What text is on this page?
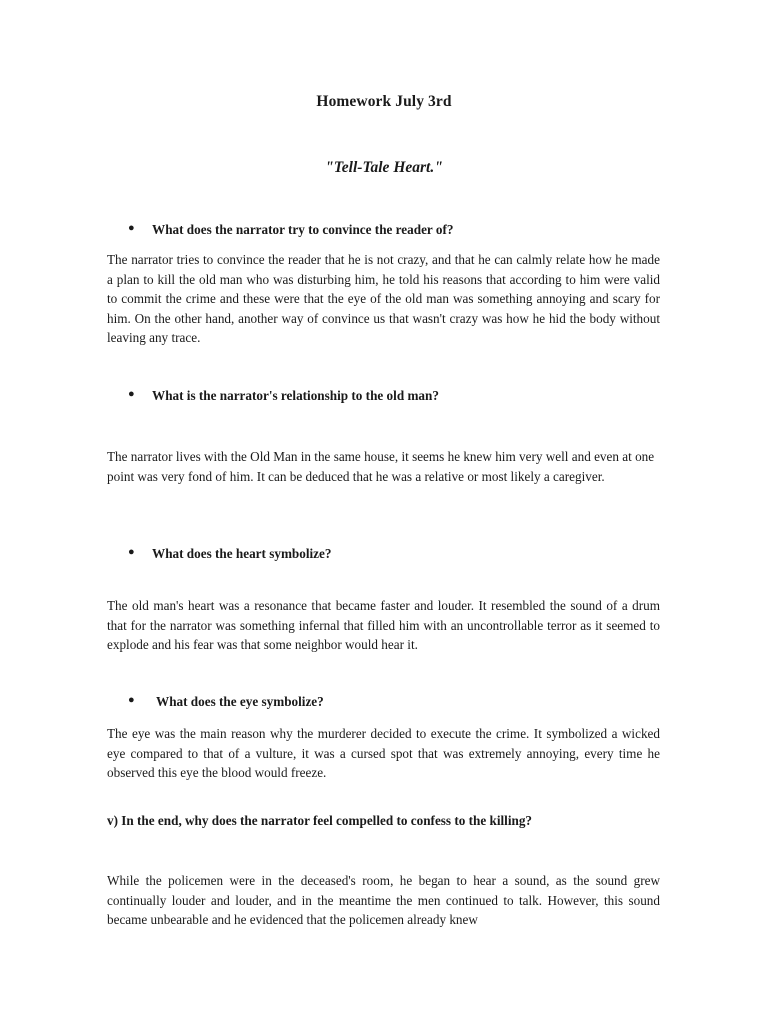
Homework July 3rd
"Tell-Tale Heart."
● What does the narrator try to convince the reader of?
The narrator tries to convince the reader that he is not crazy, and that he can calmly relate how he made a plan to kill the old man who was disturbing him, he told his reasons that according to him were valid to commit the crime and these were that the eye of the old man was something annoying and scary for him. On the other hand, another way of convince us that wasn't crazy was how he hid the body without leaving any trace.
● What is the narrator's relationship to the old man?
The narrator lives with the Old Man in the same house, it seems he knew him very well and even at one point was very fond of him. It can be deduced that he was a relative or most likely a caregiver.
● What does the heart symbolize?
The old man's heart was a resonance that became faster and louder. It resembled the sound of a drum that for the narrator was something infernal that filled him with an uncontrollable terror as it seemed to explode and his fear was that some neighbor would hear it.
● What does the eye symbolize?
The eye was the main reason why the murderer decided to execute the crime. It symbolized a wicked eye compared to that of a vulture, it was a cursed spot that was extremely annoying, every time he observed this eye the blood would freeze.
v) In the end, why does the narrator feel compelled to confess to the killing?
While the policemen were in the deceased's room, he began to hear a sound, as the sound grew continually louder and louder, and in the meantime the men continued to talk. However, this sound became unbearable and he evidenced that the policemen already knew
